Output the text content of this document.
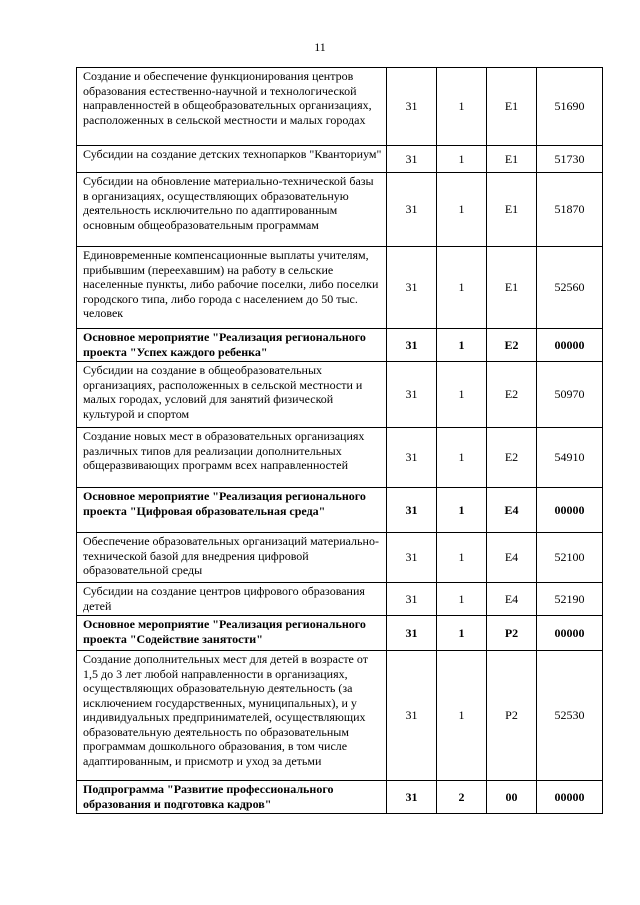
11
Создание и обеспечение функционирования центров образования естественно-научной и технологической направленностей в общеобразовательных организациях, расположенных в сельской местности и малых городах	31	1	E1	51690
Субсидии на создание детских технопарков "Кванториум"	31	1	E1	51730
Субсидии на обновление материально-технической базы в организациях, осуществляющих образовательную деятельность исключительно по адаптированным основным общеобразовательным программам	31	1	E1	51870
Единовременные компенсационные выплаты учителям, прибывшим (переехавшим) на работу в сельские населенные пункты, либо рабочие поселки, либо поселки городского типа, либо города с населением до 50 тыс. человек	31	1	E1	52560
Основное мероприятие "Реализация регионального проекта "Успех каждого ребенка"	31	1	E2	00000
Субсидии на создание в общеобразовательных организациях, расположенных в сельской местности и малых городах, условий для занятий физической культурой и спортом	31	1	E2	50970
Создание новых мест в образовательных организациях различных типов для реализации дополнительных общеразвивающих программ всех направленностей	31	1	E2	54910
Основное мероприятие "Реализация регионального проекта "Цифровая образовательная среда"	31	1	E4	00000
Обеспечение образовательных организаций материально-технической базой для внедрения цифровой образовательной среды	31	1	E4	52100
Субсидии на создание центров цифрового образования детей	31	1	E4	52190
Основное мероприятие "Реализация регионального проекта "Содействие занятости"	31	1	P2	00000
Создание дополнительных мест для детей в возрасте от 1,5 до 3 лет любой направленности в организациях, осуществляющих образовательную деятельность (за исключением государственных, муниципальных), и у индивидуальных предпринимателей, осуществляющих образовательную деятельность по образовательным программам дошкольного образования, в том числе адаптированным, и присмотр и уход за детьми	31	1	P2	52530
Подпрограмма "Развитие профессионального образования и подготовка кадров"	31	2	00	00000
